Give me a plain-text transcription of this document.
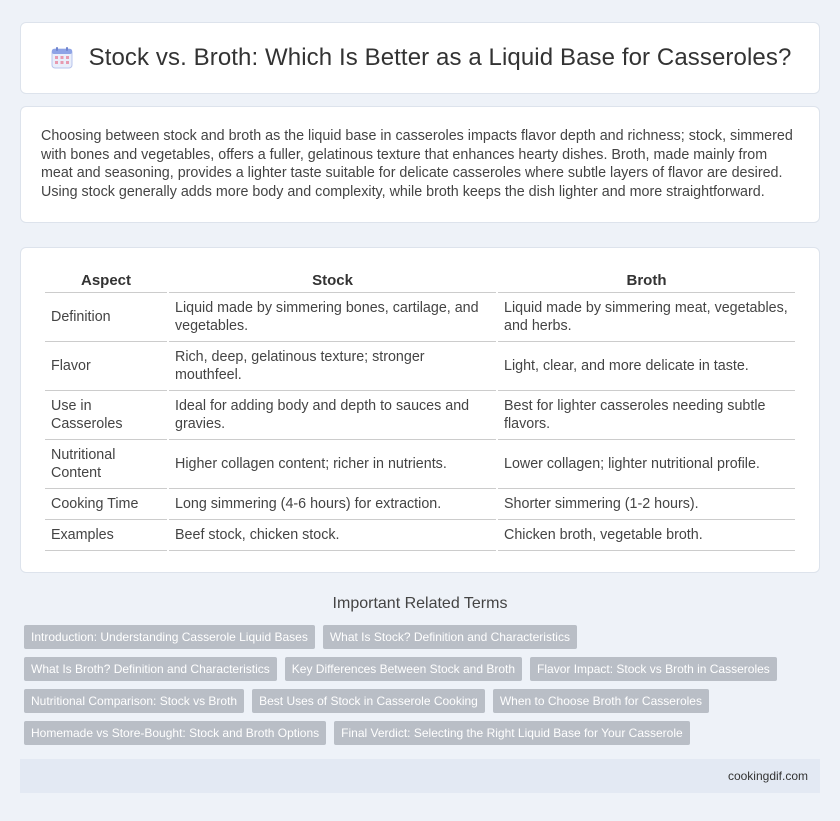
Stock vs. Broth: Which Is Better as a Liquid Base for Casseroles?

Choosing between stock and broth as the liquid base in casseroles impacts flavor depth and richness; stock, simmered with bones and vegetables, offers a fuller, gelatinous texture that enhances hearty dishes. Broth, made mainly from meat and seasoning, provides a lighter taste suitable for delicate casseroles where subtle layers of flavor are desired. Using stock generally adds more body and complexity, while broth keeps the dish lighter and more straightforward.

Aspect	Stock	Broth
Definition	Liquid made by simmering bones, cartilage, and vegetables.	Liquid made by simmering meat, vegetables, and herbs.
Flavor	Rich, deep, gelatinous texture; stronger mouthfeel.	Light, clear, and more delicate in taste.
Use in Casseroles	Ideal for adding body and depth to sauces and gravies.	Best for lighter casseroles needing subtle flavors.
Nutritional Content	Higher collagen content; richer in nutrients.	Lower collagen; lighter nutritional profile.
Cooking Time	Long simmering (4-6 hours) for extraction.	Shorter simmering (1-2 hours).
Examples	Beef stock, chicken stock.	Chicken broth, vegetable broth.
Important Related Terms
Introduction: Understanding Casserole Liquid Bases	What Is Stock? Definition and Characteristics
What Is Broth? Definition and Characteristics	Key Differences Between Stock and Broth	Flavor Impact: Stock vs Broth in Casseroles
Nutritional Comparison: Stock vs Broth	Best Uses of Stock in Casserole Cooking	When to Choose Broth for Casseroles
Homemade vs Store-Bought: Stock and Broth Options	Final Verdict: Selecting the Right Liquid Base for Your Casserole
cookingdif.com
